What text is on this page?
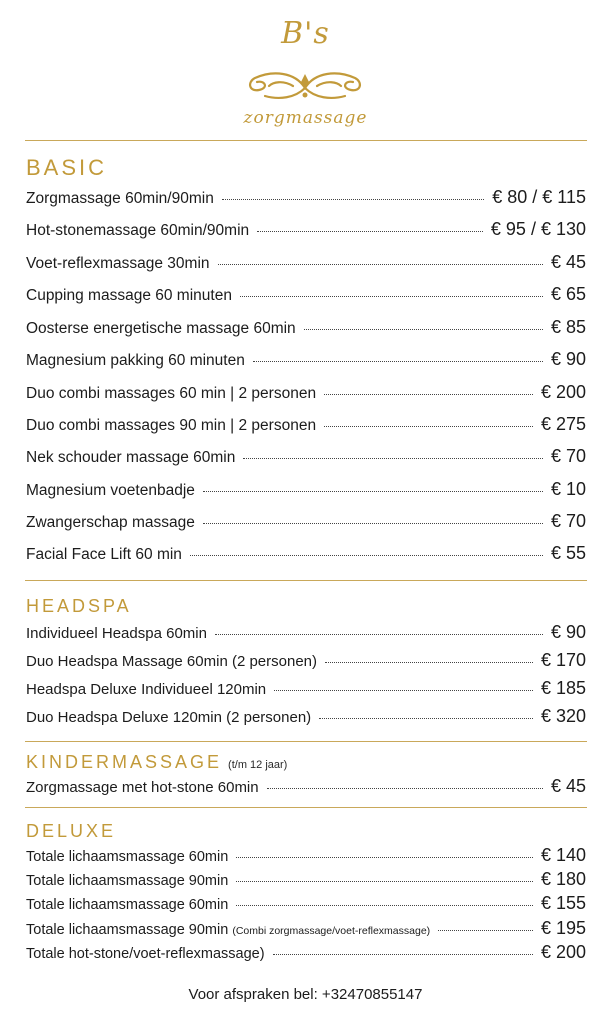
B's
zorgmassage
BASIC
Zorgmassage 60min/90min	€ 80 / € 115
Hot-stonemassage 60min/90min	€ 95 / € 130
Voet-reflexmassage 30min	€ 45
Cupping massage 60 minuten	€ 65
Oosterse energetische massage 60min	€ 85
Magnesium pakking 60 minuten	€ 90
Duo combi massages 60 min | 2 personen	€ 200
Duo combi massages 90 min | 2 personen	€ 275
Nek schouder massage 60min	€ 70
Magnesium voetenbadje	€ 10
Zwangerschap massage	€ 70
Facial Face Lift 60 min	€ 55
HEADSPA
Individueel Headspa 60min	€ 90
Duo Headspa Massage 60min (2 personen)	€ 170
Headspa Deluxe Individueel 120min	€ 185
Duo Headspa Deluxe 120min (2 personen)	€ 320
KINDERMASSAGE (t/m 12 jaar)
Zorgmassage met hot-stone 60min	€ 45
DELUXE
Totale lichaamsmassage 60min	€ 140
Totale lichaamsmassage 90min	€ 180
Totale lichaamsmassage 60min	€ 155
Totale lichaamsmassage 90min (Combi zorgmassage/voet-reflexmassage)	€ 195
Totale hot-stone/voet-reflexmassage)	€ 200
Voor afspraken bel: +32470855147
